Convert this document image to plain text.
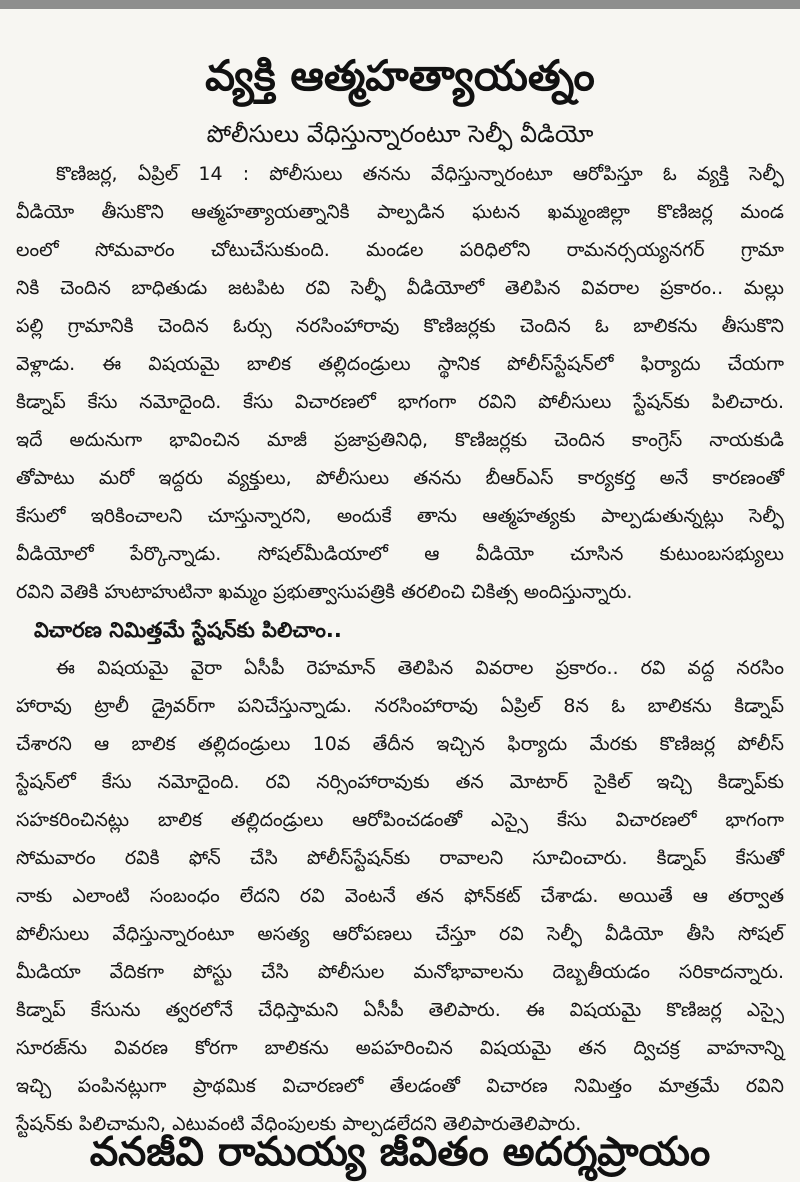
వ్యక్తి ఆత్మహత్యాయత్నం
పోలీసులు వేధిస్తున్నారంటూ సెల్ఫీ వీడియో
కొణిజర్ల, ఏప్రిల్ 14 : పోలీసులు తనను వేధిస్తున్నారంటూ ఆరోపిస్తూ ఓ వ్యక్తి సెల్ఫీ
వీడియో తీసుకొని ఆత్మహత్యాయత్నానికి పాల్పడిన ఘటన ఖమ్మంజిల్లా కొణిజర్ల మండ
లంలో సోమవారం చోటుచేసుకుంది. మండల పరిధిలోని రామనర్సయ్యనగర్ గ్రామా
నికి చెందిన బాధితుడు జటపిట రవి సెల్ఫీ వీడియోలో తెలిపిన వివరాల ప్రకారం.. మల్లు
పల్లి గ్రామానికి చెందిన ఓర్సు నరసింహారావు కొణిజర్లకు చెందిన ఓ బాలికను తీసుకొని
వెళ్లాడు. ఈ విషయమై బాలిక తల్లిదండ్రులు స్థానిక పోలీస్‌స్టేషన్‌లో ఫిర్యాదు చేయగా
కిడ్నాప్ కేసు నమోదైంది. కేసు విచారణలో భాగంగా రవిని పోలీసులు స్టేషన్‌కు పిలిచారు.
ఇదే అదునుగా భావించిన మాజీ ప్రజాప్రతినిధి, కొణిజర్లకు చెందిన కాంగ్రెస్ నాయకుడి
తోపాటు మరో ఇద్దరు వ్యక్తులు, పోలీసులు తనను బీఆర్ఎస్ కార్యకర్త అనే కారణంతో
కేసులో ఇరికించాలని చూస్తున్నారని, అందుకే తాను ఆత్మహత్యకు పాల్పడుతున్నట్లు సెల్ఫీ
వీడియోలో పేర్కొన్నాడు. సోషల్‌మీడియాలో ఆ వీడియో చూసిన కుటుంబసభ్యులు
రవిని వెతికి హుటాహుటినా ఖమ్మం ప్రభుత్వాసుపత్రికి తరలించి చికిత్స అందిస్తున్నారు.
విచారణ నిమిత్తమే స్టేషన్‌కు పిలిచాం..
ఈ విషయమై వైరా ఏసీపీ రెహమాన్ తెలిపిన వివరాల ప్రకారం.. రవి వద్ద నరసిం
హారావు ట్రాలీ డ్రైవర్‌గా పనిచేస్తున్నాడు. నరసింహారావు ఏప్రిల్ 8న ఓ బాలికను కిడ్నాప్
చేశారని ఆ బాలిక తల్లిదండ్రులు 10వ తేదీన ఇచ్చిన ఫిర్యాదు మేరకు కొణిజర్ల పోలీస్
స్టేషన్‌లో కేసు నమోదైంది. రవి నర్సింహారావుకు తన మోటార్ సైకిల్ ఇచ్చి కిడ్నాప్‌కు
సహకరించినట్లు బాలిక తల్లిదండ్రులు ఆరోపించడంతో ఎస్సై కేసు విచారణలో భాగంగా
సోమవారం రవికి ఫోన్ చేసి పోలీస్‌స్టేషన్‌కు రావాలని సూచించారు. కిడ్నాప్ కేసుతో
నాకు ఎలాంటి సంబంధం లేదని రవి వెంటనే తన ఫోన్‌కట్ చేశాడు. అయితే ఆ తర్వాత
పోలీసులు వేధిస్తున్నారంటూ అసత్య ఆరోపణలు చేస్తూ రవి సెల్ఫీ వీడియో తీసి సోషల్
మీడియా వేదికగా పోస్టు చేసి పోలీసుల మనోభావాలను దెబ్బతీయడం సరికాదన్నారు.
కిడ్నాప్ కేసును త్వరలోనే చేధిస్తామని ఏసీపీ తెలిపారు. ఈ విషయమై కొణిజర్ల ఎస్సై
సూరజ్‌ను వివరణ కోరగా బాలికను అపహరించిన విషయమై తన ద్విచక్ర వాహనాన్ని
ఇచ్చి పంపినట్లుగా ప్రాథమిక విచారణలో తేలడంతో విచారణ నిమిత్తం మాత్రమే రవిని
స్టేషన్‌కు పిలిచామని, ఎటువంటి వేధింపులకు పాల్పడలేదని తెలిపారుతెలిపారు.
వనజీవి రామయ్య జీవితం అదర్శప్రాయం
